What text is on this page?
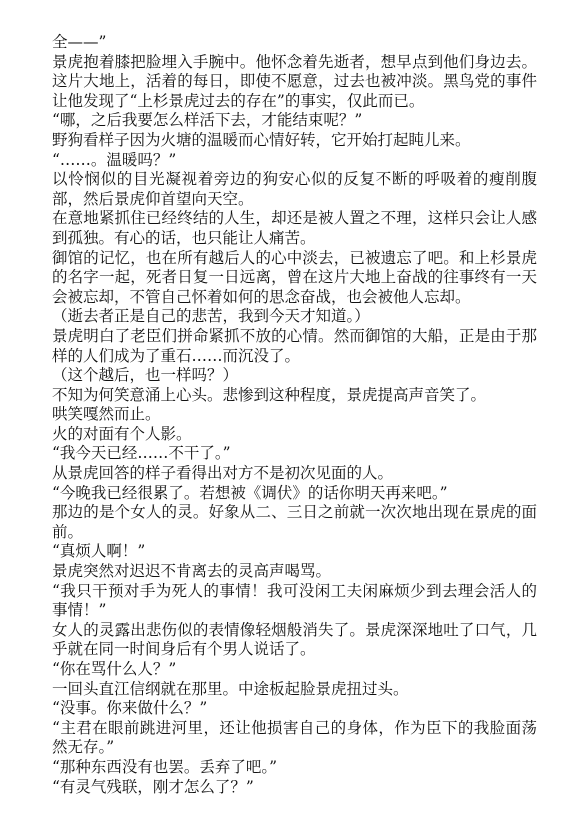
全——”

景虎抱着膝把脸埋入手腕中。他怀念着先逝者，想早点到他们身边去。这片大地上，活着的每日，即使不愿意，过去也被冲淡。黑鸟党的事件让他发现了“上杉景虎过去的存在”的事实，仅此而已。

“哪，之后我要怎么样活下去，才能结束呢？”

野狗看样子因为火塘的温暖而心情好转，它开始打起盹儿来。

“……。温暖吗？”

以怜悯似的目光凝视着旁边的狗安心似的反复不断的呼吸着的瘦削腹部，然后景虎仰首望向天空。

在意地紧抓住已经终结的人生，却还是被人置之不理，这样只会让人感到孤独。有心的话，也只能让人痛苦。

御馆的记忆，也在所有越后人的心中淡去，已被遗忘了吧。和上杉景虎的名字一起，死者日复一日远离，曾在这片大地上奋战的往事终有一天会被忘却，不管自己怀着如何的思念奋战，也会被他人忘却。

（逝去者正是自己的悲苦，我到今天才知道。）

景虎明白了老臣们拼命紧抓不放的心情。然而御馆的大船，正是由于那样的人们成为了重石……而沉没了。

（这个越后，也一样吗？）

不知为何笑意涌上心头。悲惨到这种程度，景虎提高声音笑了。

哄笑嘎然而止。

火的对面有个人影。

“我今天已经……不干了。”

从景虎回答的样子看得出对方不是初次见面的人。

“今晚我已经很累了。若想被《调伏》的话你明天再来吧。”

那边的是个女人的灵。好象从二、三日之前就一次次地出现在景虎的面前。

“真烦人啊！”

景虎突然对迟迟不肯离去的灵高声喝骂。

“我只干预对手为死人的事情！我可没闲工夫闲麻烦少到去理会活人的事情！”

女人的灵露出悲伤似的表情像轻烟般消失了。景虎深深地吐了口气，几乎就在同一时间身后有个男人说话了。

“你在骂什么人？”

一回头直江信纲就在那里。中途板起脸景虎扭过头。

“没事。你来做什么？”

“主君在眼前跳进河里，还让他损害自己的身体，作为臣下的我脸面荡然无存。”

“那种东西没有也罢。丢弃了吧。”

“有灵气残联，刚才怎么了？”
